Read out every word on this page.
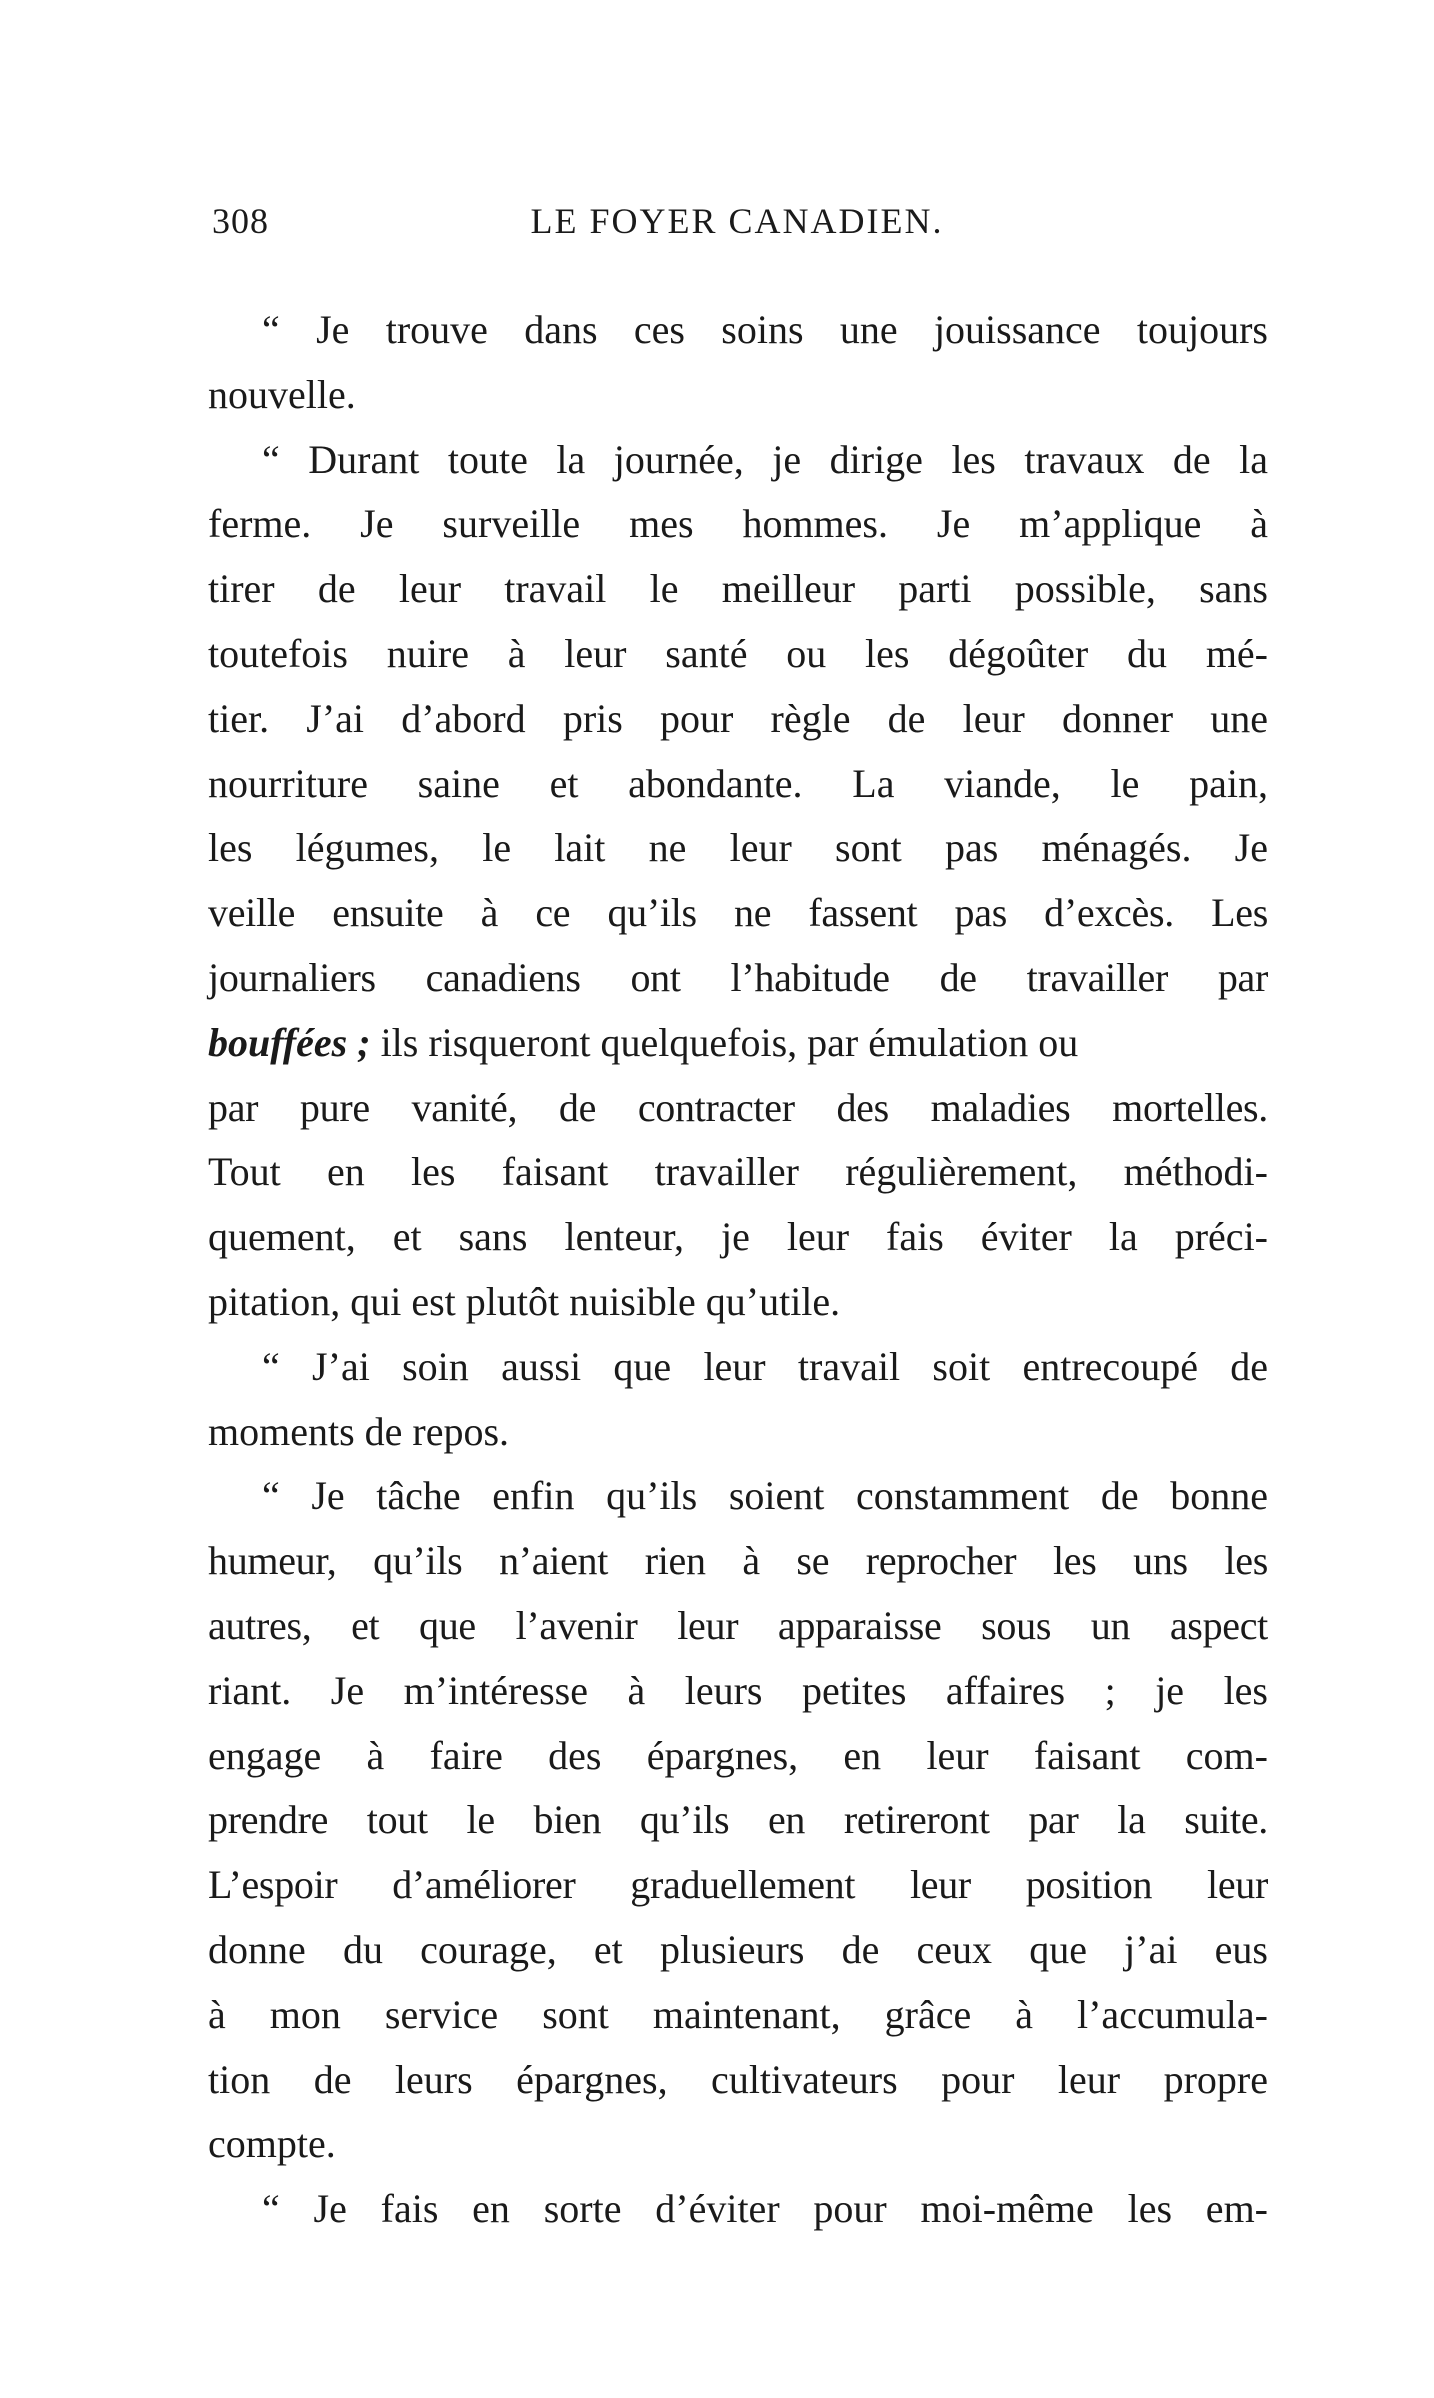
308	LE FOYER CANADIEN.
“ Je trouve dans ces soins une jouissance toujours
nouvelle.
“ Durant toute la journée, je dirige les travaux de la
ferme. Je surveille mes hommes. Je m’applique à
tirer de leur travail le meilleur parti possible, sans
toutefois nuire à leur santé ou les dégoûter du mé-
tier. J’ai d’abord pris pour règle de leur donner une
nourriture saine et abondante. La viande, le pain,
les légumes, le lait ne leur sont pas ménagés. Je
veille ensuite à ce qu’ils ne fassent pas d’excès. Les
journaliers canadiens ont l’habitude de travailler par
bouffées ; ils risqueront quelquefois, par émulation ou
par pure vanité, de contracter des maladies mortelles.
Tout en les faisant travailler régulièrement, méthodi-
quement, et sans lenteur, je leur fais éviter la préci-
pitation, qui est plutôt nuisible qu’utile.
“ J’ai soin aussi que leur travail soit entrecoupé de
moments de repos.
“ Je tâche enfin qu’ils soient constamment de bonne
humeur, qu’ils n’aient rien à se reprocher les uns les
autres, et que l’avenir leur apparaisse sous un aspect
riant. Je m’intéresse à leurs petites affaires ; je les
engage à faire des épargnes, en leur faisant com-
prendre tout le bien qu’ils en retireront par la suite.
L’espoir d’améliorer graduellement leur position leur
donne du courage, et plusieurs de ceux que j’ai eus
à mon service sont maintenant, grâce à l’accumula-
tion de leurs épargnes, cultivateurs pour leur propre
compte.
“ Je fais en sorte d’éviter pour moi-même les em-
